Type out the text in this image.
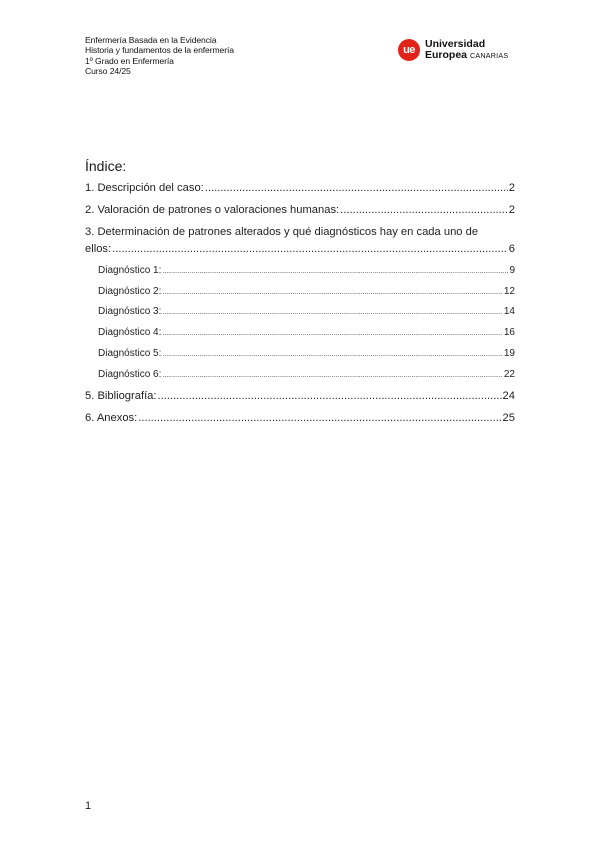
Enfermería Basada en la Evidencia
Historia y fundamentos de la enfermería
1º Grado en Enfermería
Curso 24/25
ue Universidad
Europea CANARIAS
Índice:
1. Descripción del caso: .....	2
2. Valoración de patrones o valoraciones humanas: .....	2
3. Determinación de patrones alterados y qué diagnósticos hay en cada uno de
ellos: .....	6
Diagnóstico 1: .....	9
Diagnóstico 2: .....	12
Diagnóstico 3: .....	14
Diagnóstico 4: .....	16
Diagnóstico 5: .....	19
Diagnóstico 6: .....	22
5. Bibliografía: .....	24
6. Anexos: .....	25
1
